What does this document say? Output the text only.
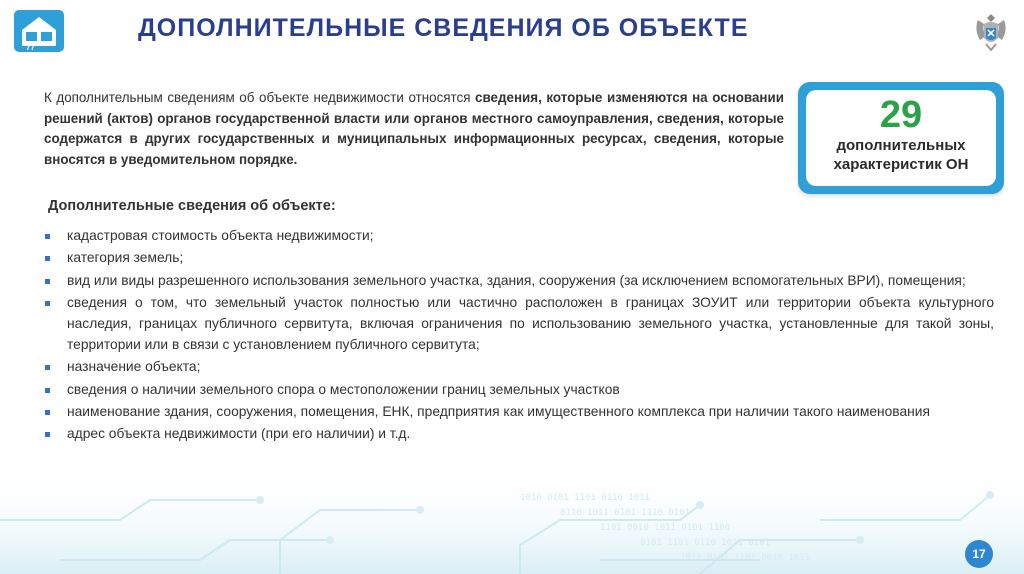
1010 0101 1101 0110 1011
0110 1011 0101 1110 0101
1101 0010 1011 0101 1100
0101 1101 0110 1011 0101
1011 0101 1101 0010 1011
77
ДОПОЛНИТЕЛЬНЫЕ СВЕДЕНИЯ ОБ ОБЪЕКТЕ
К дополнительным сведениям об объекте недвижимости относятся сведения, которые изменяются на основании решений (актов) органов государственной власти или органов местного самоуправления, сведения, которые содержатся в других государственных и муниципальных информационных ресурсах, сведения, которые вносятся в уведомительном порядке.
29
дополнительных характеристик ОН
Дополнительные сведения об объекте:
кадастровая стоимость объекта недвижимости;
категория земель;
вид или виды разрешенного использования земельного участка, здания, сооружения (за исключением вспомогательных ВРИ), помещения;
сведения о том, что земельный участок полностью или частично расположен в границах ЗОУИТ или территории объекта культурного наследия, границах публичного сервитута, включая ограничения по использованию земельного участка, установленные для такой зоны, территории или в связи с установлением публичного сервитута;
назначение объекта;
сведения о наличии земельного спора о местоположении границ земельных участков
наименование здания, сооружения, помещения, ЕНК, предприятия как имущественного комплекса при наличии такого наименования
адрес объекта недвижимости (при его наличии) и т.д.
17
